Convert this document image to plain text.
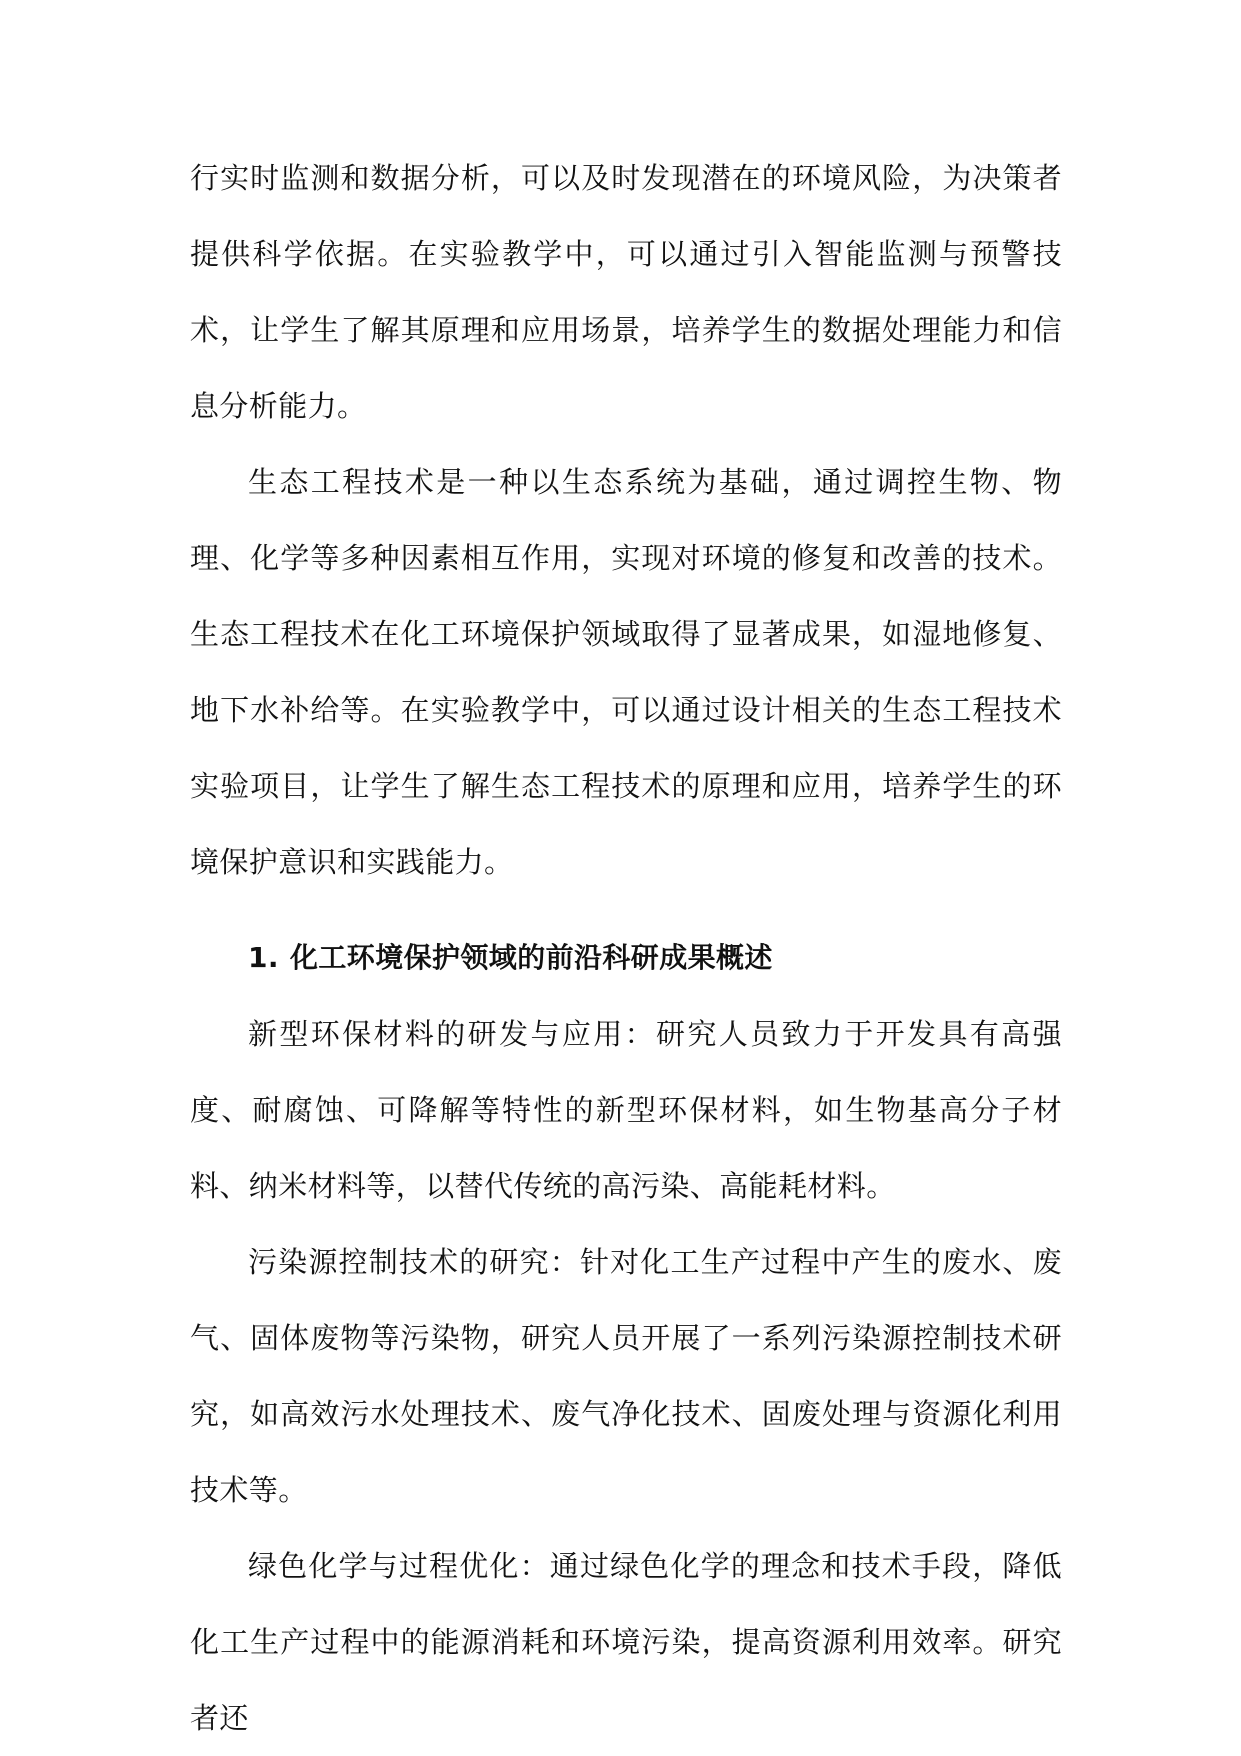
行实时监测和数据分析，可以及时发现潜在的环境风险，为决策者提供科学依据。在实验教学中，可以通过引入智能监测与预警技术，让学生了解其原理和应用场景，培养学生的数据处理能力和信息分析能力。

生态工程技术是一种以生态系统为基础，通过调控生物、物理、化学等多种因素相互作用，实现对环境的修复和改善的技术。生态工程技术在化工环境保护领域取得了显著成果，如湿地修复、地下水补给等。在实验教学中，可以通过设计相关的生态工程技术实验项目，让学生了解生态工程技术的原理和应用，培养学生的环境保护意识和实践能力。

1. 化工环境保护领域的前沿科研成果概述

新型环保材料的研发与应用：研究人员致力于开发具有高强度、耐腐蚀、可降解等特性的新型环保材料，如生物基高分子材料、纳米材料等，以替代传统的高污染、高能耗材料。

污染源控制技术的研究：针对化工生产过程中产生的废水、废气、固体废物等污染物，研究人员开展了一系列污染源控制技术研究，如高效污水处理技术、废气净化技术、固废处理与资源化利用技术等。

绿色化学与过程优化：通过绿色化学的理念和技术手段，降低化工生产过程中的能源消耗和环境污染，提高资源利用效率。研究者还
